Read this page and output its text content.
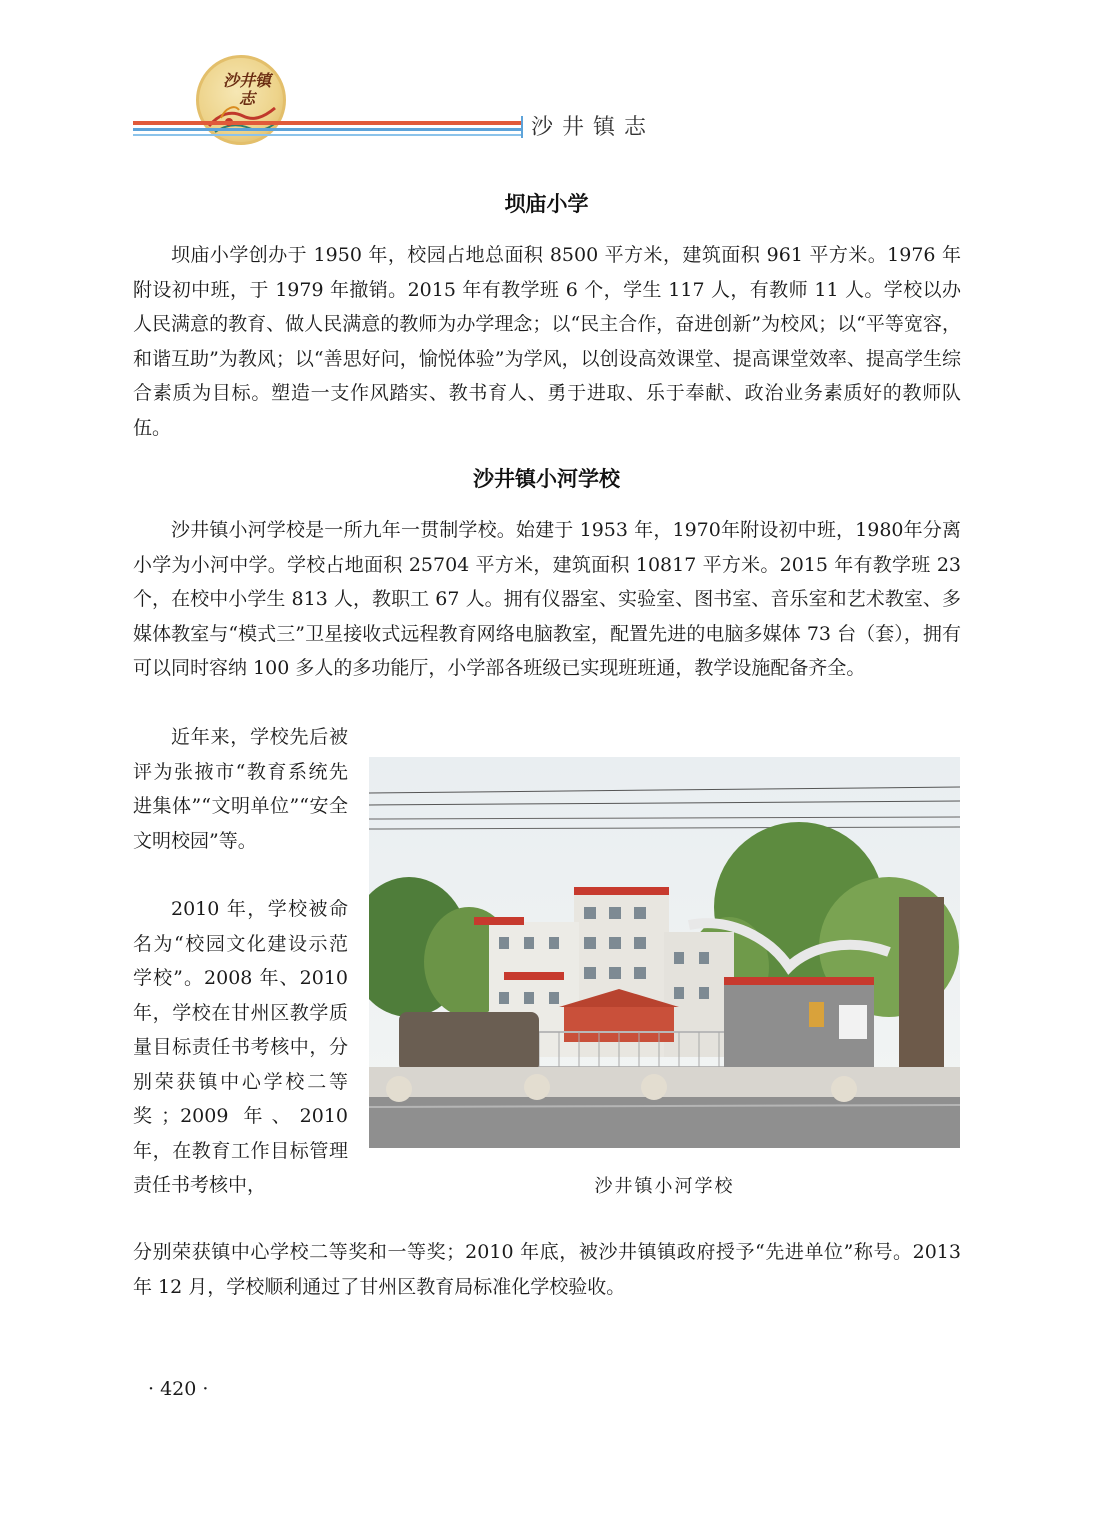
沙井镇志
沙井镇志
坝庙小学

坝庙小学创办于 1950 年，校园占地总面积 8500 平方米，建筑面积 961 平方米。1976 年附设初中班，于 1979 年撤销。2015 年有教学班 6 个，学生 117 人，有教师 11 人。学校以办人民满意的教育、做人民满意的教师为办学理念；以“民主合作，奋进创新”为校风；以“平等宽容，和谐互助”为教风；以“善思好问，愉悦体验”为学风，以创设高效课堂、提高课堂效率、提高学生综合素质为目标。塑造一支作风踏实、教书育人、勇于进取、乐于奉献、政治业务素质好的教师队伍。

沙井镇小河学校

沙井镇小河学校是一所九年一贯制学校。始建于 1953 年，1970年附设初中班，1980年分离小学为小河中学。学校占地面积 25704 平方米，建筑面积 10817 平方米。2015 年有教学班 23 个，在校中小学生 813 人，教职工 67 人。拥有仪器室、实验室、图书室、音乐室和艺术教室、多媒体教室与“模式三”卫星接收式远程教育网络电脑教室，配置先进的电脑多媒体 73 台（套），拥有可以同时容纳 100 多人的多功能厅，小学部各班级已实现班班通，教学设施配备齐全。

近年来，学校先后被评为张掖市“教育系统先进集体”“文明单位”“安全文明校园”等。

2010 年，学校被命名为“校园文化建设示范学校”。2008 年、2010 年，学校在甘州区教学质量目标责任书考核中，分别荣获镇中心学校二等奖；2009 年、2010 年，在教育工作目标管理责任书考核中，	沙井镇小河学校

分别荣获镇中心学校二等奖和一等奖；2010 年底，被沙井镇镇政府授予“先进单位”称号。2013 年 12 月，学校顺利通过了甘州区教育局标准化学校验收。

· 420 ·
